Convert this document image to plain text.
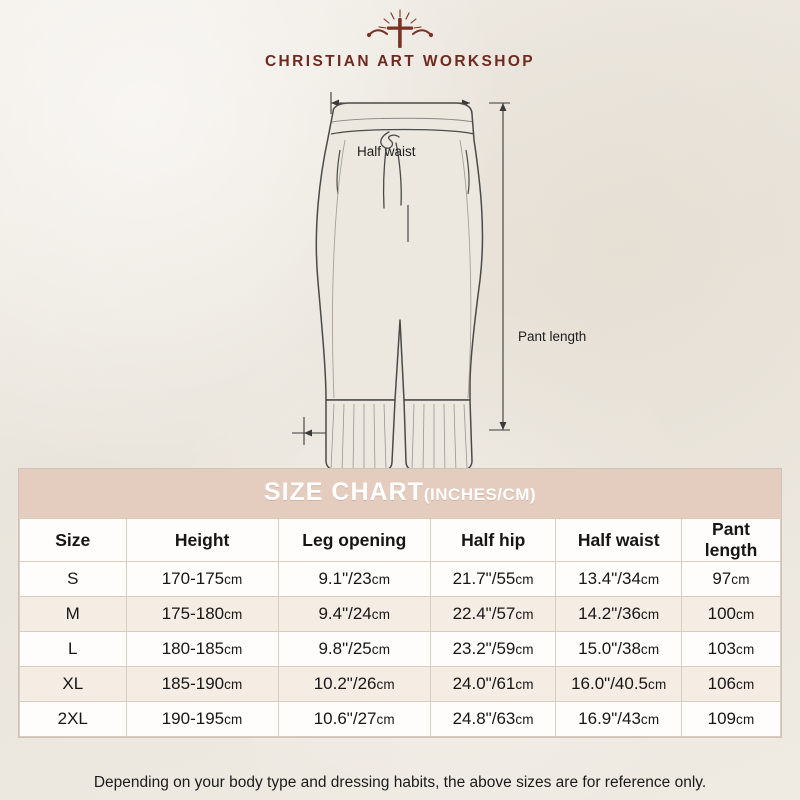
CHRISTIAN ART WORKSHOP
Half waist
Pant length
SIZE CHART(INCHES/CM)
Size	Height	Leg opening	Half hip	Half waist	Pant length
S	170-175cm	9.1"/23cm	21.7"/55cm	13.4"/34cm	97cm
M	175-180cm	9.4"/24cm	22.4"/57cm	14.2"/36cm	100cm
L	180-185cm	9.8"/25cm	23.2"/59cm	15.0"/38cm	103cm
XL	185-190cm	10.2"/26cm	24.0"/61cm	16.0"/40.5cm	106cm
2XL	190-195cm	10.6"/27cm	24.8"/63cm	16.9"/43cm	109cm
Depending on your body type and dressing habits, the above sizes are for reference only.
